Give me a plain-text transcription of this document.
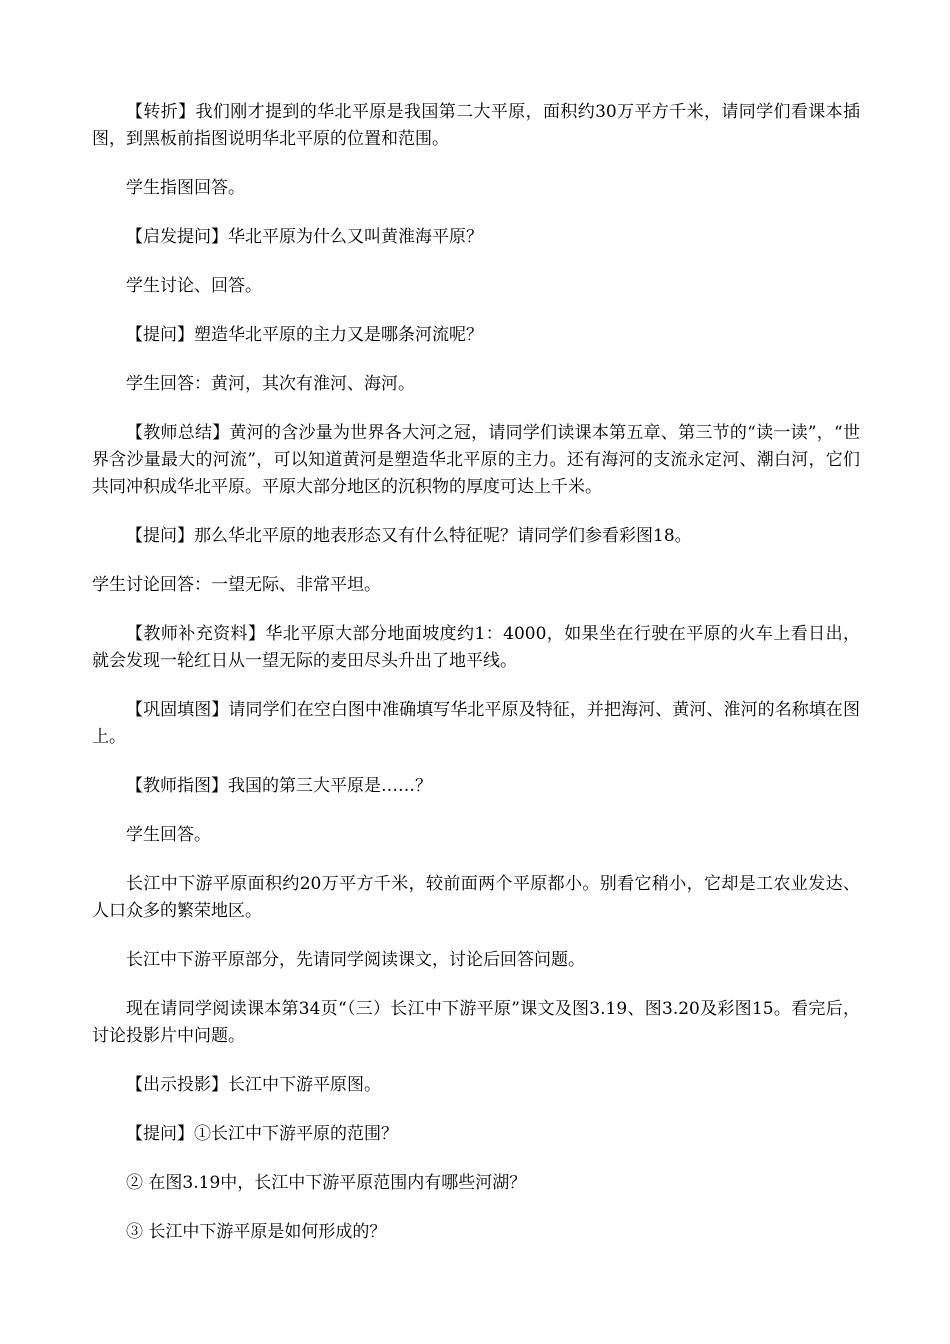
【转折】我们刚才提到的华北平原是我国第二大平原，面积约30万平方千米，请同学们看课本插图，到黑板前指图说明华北平原的位置和范围。

学生指图回答。

【启发提问】华北平原为什么又叫黄淮海平原？

学生讨论、回答。

【提问】塑造华北平原的主力又是哪条河流呢？

学生回答：黄河，其次有淮河、海河。

【教师总结】黄河的含沙量为世界各大河之冠，请同学们读课本第五章、第三节的“读一读”，“世界含沙量最大的河流”，可以知道黄河是塑造华北平原的主力。还有海河的支流永定河、潮白河，它们共同冲积成华北平原。平原大部分地区的沉积物的厚度可达上千米。

【提问】那么华北平原的地表形态又有什么特征呢？请同学们参看彩图18。

学生讨论回答：一望无际、非常平坦。

【教师补充资料】华北平原大部分地面坡度约1：4000，如果坐在行驶在平原的火车上看日出，就会发现一轮红日从一望无际的麦田尽头升出了地平线。

【巩固填图】请同学们在空白图中准确填写华北平原及特征，并把海河、黄河、淮河的名称填在图上。

【教师指图】我国的第三大平原是……？

学生回答。

长江中下游平原面积约20万平方千米，较前面两个平原都小。别看它稍小，它却是工农业发达、人口众多的繁荣地区。

长江中下游平原部分，先请同学阅读课文，讨论后回答问题。

现在请同学阅读课本第34页“（三）长江中下游平原”课文及图3.19、图3.20及彩图15。看完后，讨论投影片中问题。

【出示投影】长江中下游平原图。

【提问】①长江中下游平原的范围？

② 在图3.19中，长江中下游平原范围内有哪些河湖？

③ 长江中下游平原是如何形成的？
